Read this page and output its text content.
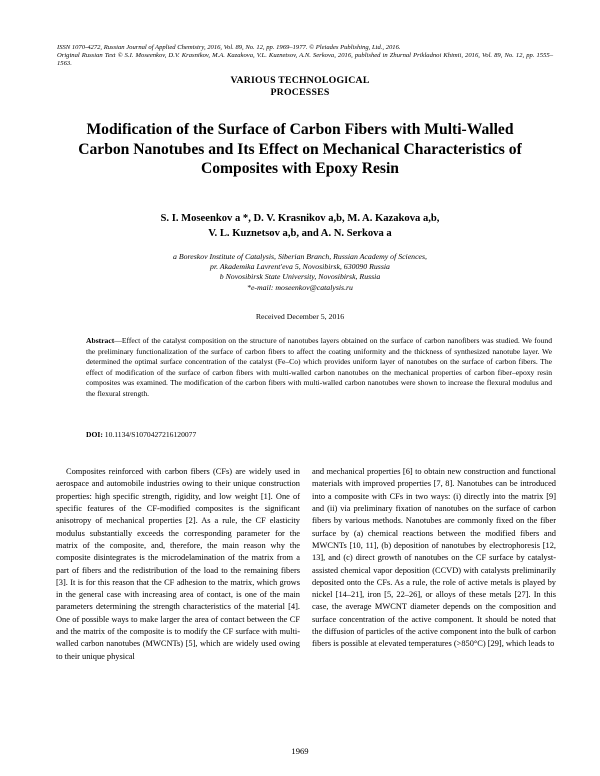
ISSN 1070-4272, Russian Journal of Applied Chemistry, 2016, Vol. 89, No. 12, pp. 1969–1977. © Pleiades Publishing, Ltd., 2016.
Original Russian Text © S.I. Moseenkov, D.V. Krasnikov, M.A. Kazakova, V.L. Kuznetsov, A.N. Serkova, 2016, published in Zhurnal Prikladnoi Khimii, 2016, Vol. 89, No. 12, pp. 1555–1563.
VARIOUS TECHNOLOGICAL
PROCESSES
Modification of the Surface of Carbon Fibers with Multi-Walled Carbon Nanotubes and Its Effect on Mechanical Characteristics of Composites with Epoxy Resin
S. I. Moseenkov a *, D. V. Krasnikov a,b, M. A. Kazakova a,b,
V. L. Kuznetsov a,b, and A. N. Serkova a
a Boreskov Institute of Catalysis, Siberian Branch, Russian Academy of Sciences,
pr. Akademika Lavrent'eva 5, Novosibirsk, 630090 Russia
b Novosibirsk State University, Novosibirsk, Russia
*e-mail: moseenkov@catalysis.ru
Received December 5, 2016
Abstract—Effect of the catalyst composition on the structure of nanotubes layers obtained on the surface of carbon nanofibers was studied. We found the preliminary functionalization of the surface of carbon fibers to affect the coating uniformity and the thickness of synthesized nanotube layer. We determined the optimal surface concentration of the catalyst (Fe–Co) which provides uniform layer of nanotubes on the surface of carbon fibers. The effect of modification of the surface of carbon fibers with multi-walled carbon nanotubes on the mechanical properties of carbon fiber–epoxy resin composites was examined. The modification of the carbon fibers with multi-walled carbon nanotubes were shown to increase the flexural modulus and the flexural strength.
DOI: 10.1134/S1070427216120077

Composites reinforced with carbon fibers (CFs) are widely used in aerospace and automobile industries owing to their unique construction properties: high specific strength, rigidity, and low weight [1]. One of specific features of the CF-modified composites is the significant anisotropy of mechanical properties [2]. As a rule, the CF elasticity modulus substantially exceeds the corresponding parameter for the matrix of the composite, and, therefore, the main reason why the composite disintegrates is the microdelamination of the matrix from a part of fibers and the redistribution of the load to the remaining fibers [3]. It is for this reason that the CF adhesion to the matrix, which grows in the general case with increasing area of contact, is one of the main parameters determining the strength characteristics of the material [4]. One of possible ways to make larger the area of contact between the CF and the matrix of the composite is to modify the CF surface with multi-walled carbon nanotubes (MWCNTs) [5], which are widely used owing to their unique physical

and mechanical properties [6] to obtain new construction and functional materials with improved properties [7, 8]. Nanotubes can be introduced into a composite with CFs in two ways: (i) directly into the matrix [9] and (ii) via preliminary fixation of nanotubes on the surface of carbon fibers by various methods. Nanotubes are commonly fixed on the fiber surface by (a) chemical reactions between the modified fibers and MWCNTs [10, 11], (b) deposition of nanotubes by electrophoresis [12, 13], and (c) direct growth of nanotubes on the CF surface by catalyst-assisted chemical vapor deposition (CCVD) with catalysts preliminarily deposited onto the CFs. As a rule, the role of active metals is played by nickel [14–21], iron [5, 22–26], or alloys of these metals [27]. In this case, the average MWCNT diameter depends on the composition and surface concentration of the active component. It should be noted that the diffusion of particles of the active component into the bulk of carbon fibers is possible at elevated temperatures (>850°C) [29], which leads to

1969
